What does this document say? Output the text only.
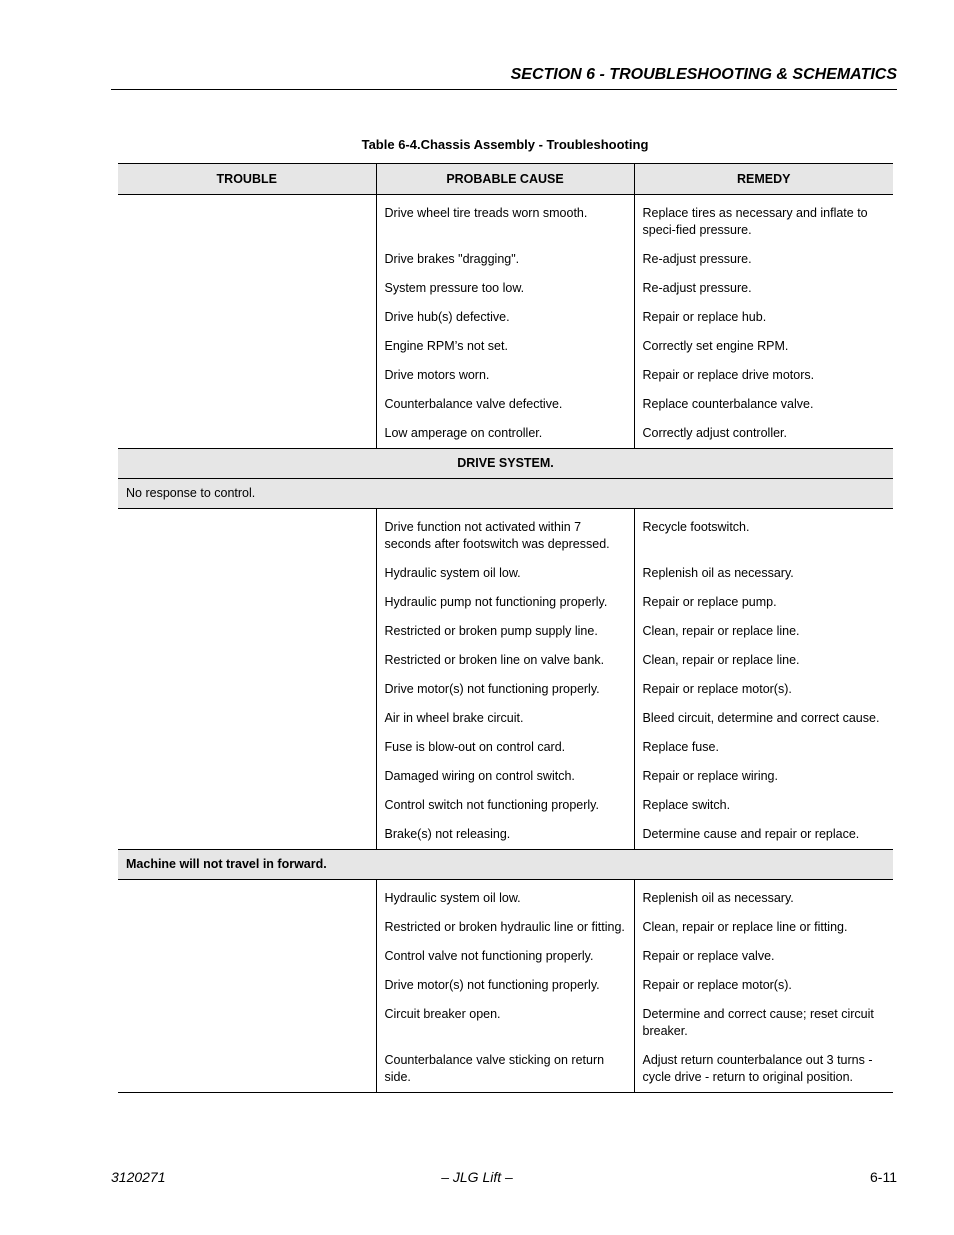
SECTION 6 - TROUBLESHOOTING & SCHEMATICS
Table 6-4.Chassis Assembly - Troubleshooting
TROUBLE	PROBABLE CAUSE	REMEDY

	Drive wheel tire treads worn smooth.	Replace tires as necessary and inflate to speci-fied pressure.
	Drive brakes "dragging".	Re-adjust pressure.
	System pressure too low.	Re-adjust pressure.
	Drive hub(s) defective.	Repair or replace hub.
	Engine RPM’s not set.	Correctly set engine RPM.
	Drive motors worn.	Repair or replace drive motors.
	Counterbalance valve defective.	Replace counterbalance valve.
	Low amperage on controller.	Correctly adjust controller.
DRIVE SYSTEM.		
No response to control.		

	Drive function not activated within 7 seconds after footswitch was depressed.	Recycle footswitch.
	Hydraulic system oil low.	Replenish oil as necessary.
	Hydraulic pump not functioning properly.	Repair or replace pump.
	Restricted or broken pump supply line.	Clean, repair or replace line.
	Restricted or broken line on valve bank.	Clean, repair or replace line.
	Drive motor(s) not functioning properly.	Repair or replace motor(s).
	Air in wheel brake circuit.	Bleed circuit, determine and correct cause.
	Fuse is blow-out on control card.	Replace fuse.
	Damaged wiring on control switch.	Repair or replace wiring.
	Control switch not functioning properly.	Replace switch.
	Brake(s) not releasing.	Determine cause and repair or replace.
Machine will not travel in forward.		

	Hydraulic system oil low.	Replenish oil as necessary.
	Restricted or broken hydraulic line or fitting.	Clean, repair or replace line or fitting.
	Control valve not functioning properly.	Repair or replace valve.
	Drive motor(s) not functioning properly.	Repair or replace motor(s).
	Circuit breaker open.	Determine and correct cause; reset circuit breaker.
	Counterbalance valve sticking on return side.	Adjust return counterbalance out 3 turns - cycle drive - return to original position.
3120271	– JLG Lift –	6-11
